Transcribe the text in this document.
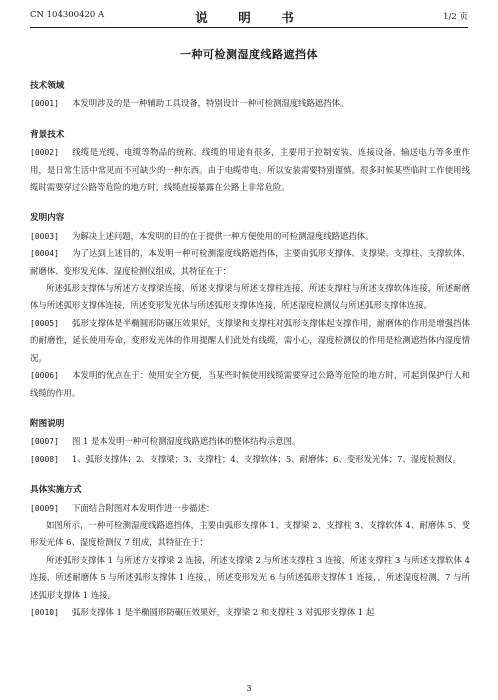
CN 104300420 A	说　明　书	1/2 页
一种可检测湿度线路遮挡体

技术领域

[0001] 本发明涉及的是一种辅助工具设备，特别设计一种可检测湿度线路遮挡体。

背景技术

[0002] 线缆是光缆、电缆等物品的统称。线缆的用途有很多，主要用于控制安装、连接设备、输送电力等多重作用，是日常生活中常见而不可缺少的一种东西。由于电缆带电，所以安装需要特别谨慎。很多时候某些临时工作使用线缆时需要穿过公路等危险的地方时，线缆直接暴露在公路上非常危险。

发明内容

[0003] 为解决上述问题，本发明的目的在于提供一种方便使用的可检测湿度线路遮挡体。

[0004] 为了达到上述目的，本发明一种可检测湿度线路遮挡体，主要由弧形支撑体、支撑梁、支撑柱、支撑软体、耐磨体、变形发光体、湿度检测仪组成，其特征在于：

所述弧形支撑体与所述方支撑梁连接，所述支撑梁与所述支撑柱连接，所述支撑柱与所述支撑软体连接，所述耐磨体与所述弧形支撑体连接，所述变形发光体与所述弧形支撑体连接，所述湿度检测仪与所述弧形支撑体连接。

[0005] 弧形支撑体是半椭圆形防碾压效果好，支撑梁和支撑柱对弧形支撑体起支撑作用，耐磨体的作用是增强挡体的耐磨性，延长使用寿命，变形发光体的作用提醒人们此处有线缆，需小心，湿度检测仪的作用是检测遮挡体内湿度情况。

[0006] 本发明的优点在于：使用安全方便，当某些时候使用线缆需要穿过公路等危险的地方时，可起到保护行人和线缆的作用。

附图说明

[0007] 图 1 是本发明一种可检测湿度线路遮挡体的整体结构示意图。

[0008] 1、弧形支撑体；2、支撑梁；3、支撑柱；4、支撑软体；5、耐磨体；6、变形发光体；7、湿度检测仪。

具体实施方式

[0009] 下面结合附图对本发明作进一步描述：

如图所示，一种可检测湿度线路遮挡体，主要由弧形支撑体 1、支撑梁 2、支撑柱 3、支撑软体 4、耐磨体 5、变形发光体 6、湿度检测仪 7 组成，其特征在于：

所述弧形支撑体 1 与所述方支撑梁 2 连接，所述支撑梁 2 与所述支撑柱 3 连接，所述支撑柱 3 与所述支撑软体 4 连接，所述耐磨体 5 与所述弧形支撑体 1 连接，，所述变形发光 6 与所述弧形支撑体 1 连接，，所述湿度检测，7 与所述弧形支撑体 1 连接。

[0010] 弧形支撑体 1 是半椭圆形防碾压效果好，支撑梁 2 和支撑柱 3 对弧形支撑体 1 起

3
